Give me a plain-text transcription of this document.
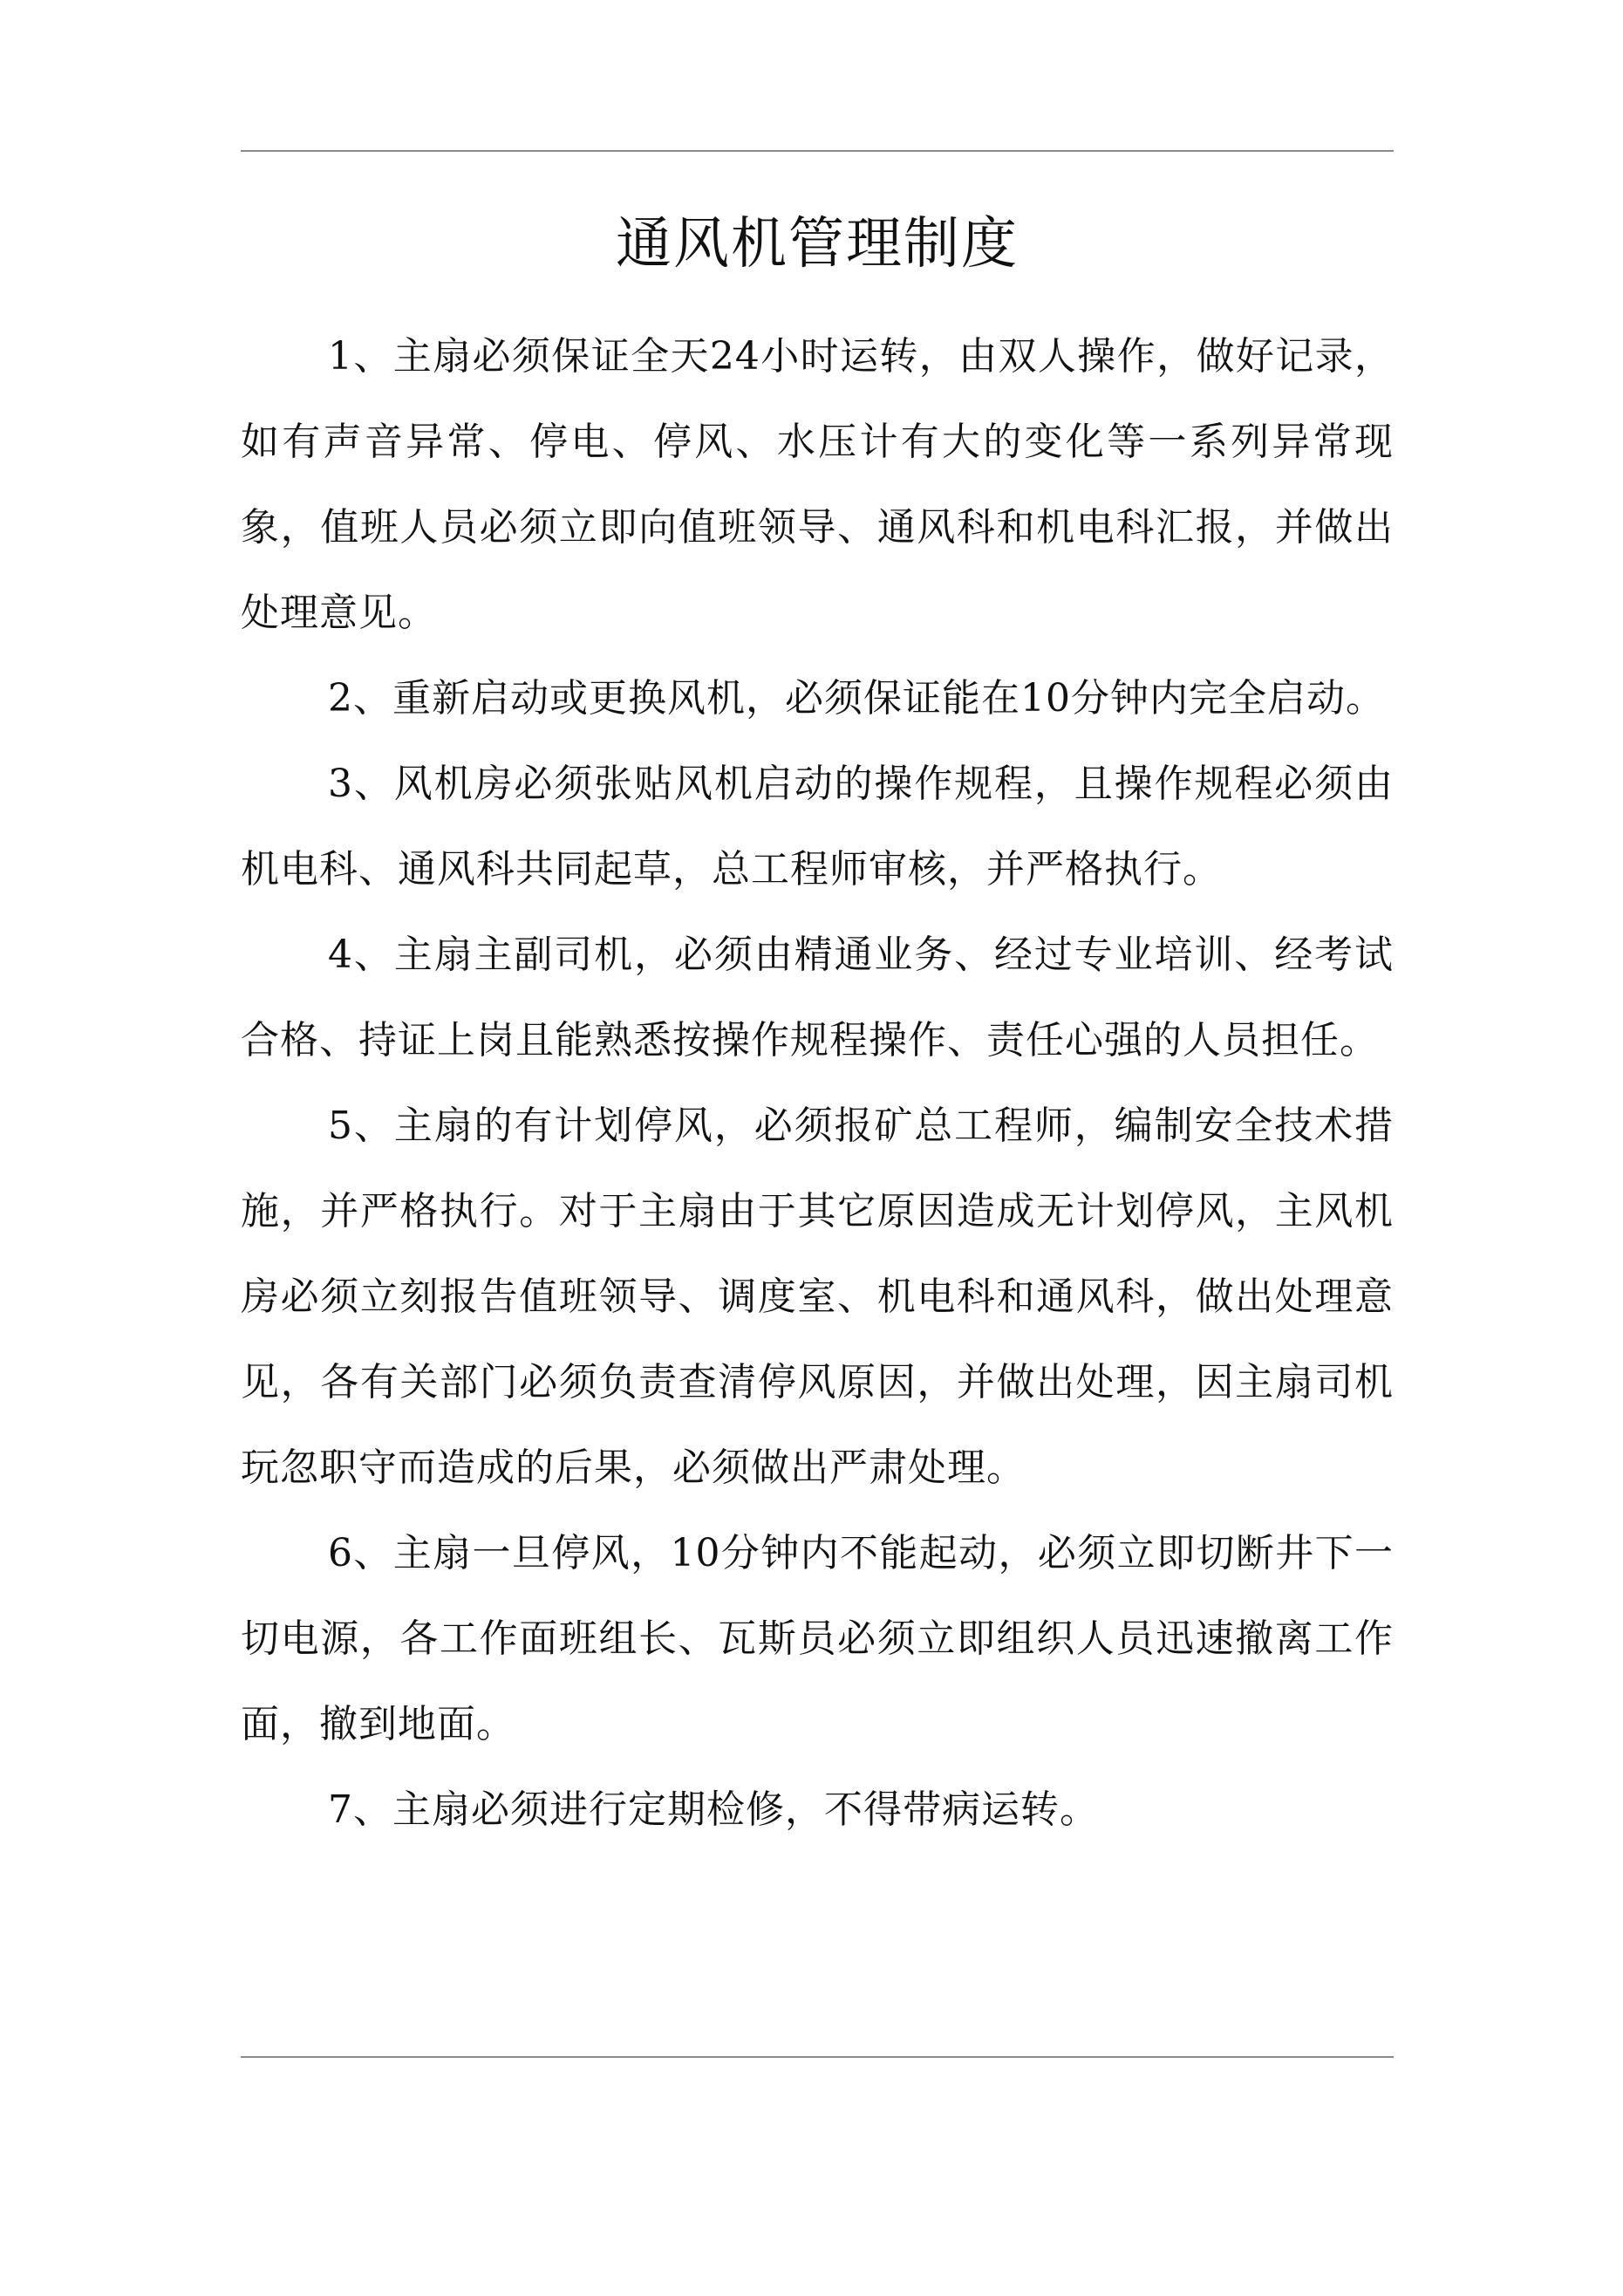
通风机管理制度

1、主扇必须保证全天24小时运转，由双人操作，做好记录，如有声音异常、停电、停风、水压计有大的变化等一系列异常现象，值班人员必须立即向值班领导、通风科和机电科汇报，并做出处理意见。

2、重新启动或更换风机，必须保证能在10分钟内完全启动。

3、风机房必须张贴风机启动的操作规程，且操作规程必须由机电科、通风科共同起草，总工程师审核，并严格执行。

4、主扇主副司机，必须由精通业务、经过专业培训、经考试合格、持证上岗且能熟悉按操作规程操作、责任心强的人员担任。

5、主扇的有计划停风，必须报矿总工程师，编制安全技术措施，并严格执行。对于主扇由于其它原因造成无计划停风，主风机房必须立刻报告值班领导、调度室、机电科和通风科，做出处理意见，各有关部门必须负责查清停风原因，并做出处理，因主扇司机玩忽职守而造成的后果，必须做出严肃处理。

6、主扇一旦停风，10分钟内不能起动，必须立即切断井下一切电源，各工作面班组长、瓦斯员必须立即组织人员迅速撤离工作面，撤到地面。

7、主扇必须进行定期检修，不得带病运转。
